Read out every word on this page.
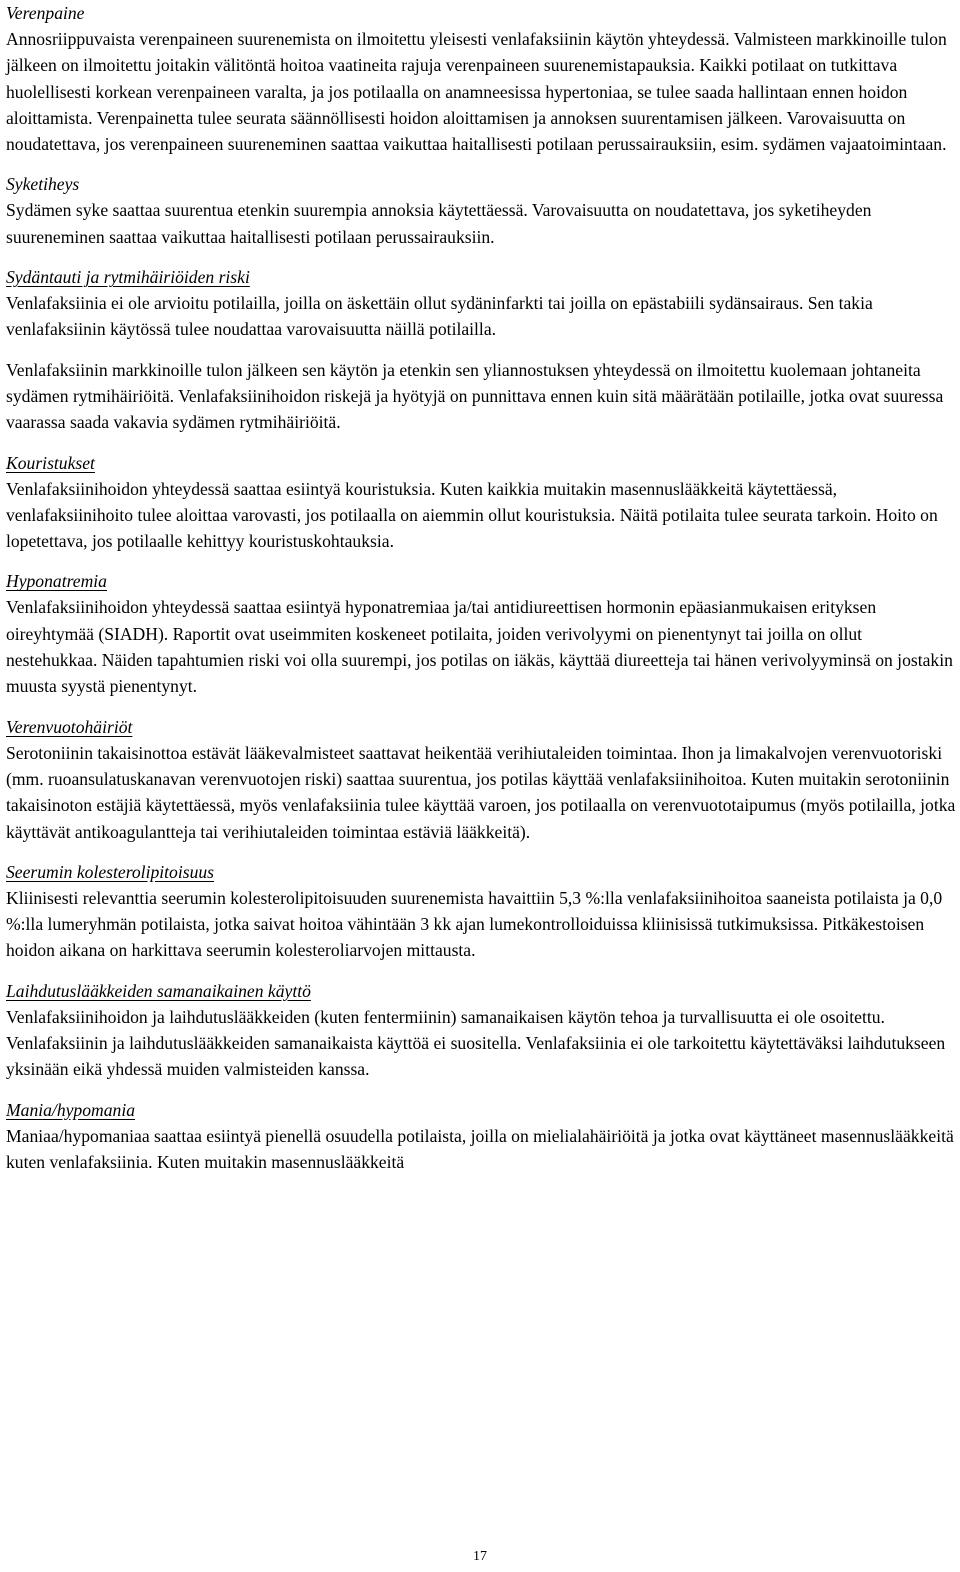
Verenpaine

Annosriippuvaista verenpaineen suurenemista on ilmoitettu yleisesti venlafaksiinin käytön yhteydessä. Valmisteen markkinoille tulon jälkeen on ilmoitettu joitakin välitöntä hoitoa vaatineita rajuja verenpaineen suurenemistapauksia. Kaikki potilaat on tutkittava huolellisesti korkean verenpaineen varalta, ja jos potilaalla on anamneesissa hypertoniaa, se tulee saada hallintaan ennen hoidon aloittamista. Verenpainetta tulee seurata säännöllisesti hoidon aloittamisen ja annoksen suurentamisen jälkeen. Varovaisuutta on noudatettava, jos verenpaineen suureneminen saattaa vaikuttaa haitallisesti potilaan perussairauksiin, esim. sydämen vajaatoimintaan.

Syketiheys

Sydämen syke saattaa suurentua etenkin suurempia annoksia käytettäessä. Varovaisuutta on noudatettava, jos syketiheyden suureneminen saattaa vaikuttaa haitallisesti potilaan perussairauksiin.

Sydäntauti ja rytmihäiriöiden riski

Venlafaksiinia ei ole arvioitu potilailla, joilla on äskettäin ollut sydäninfarkti tai joilla on epästabiili sydänsairaus. Sen takia venlafaksiinin käytössä tulee noudattaa varovaisuutta näillä potilailla.

Venlafaksiinin markkinoille tulon jälkeen sen käytön ja etenkin sen yliannostuksen yhteydessä on ilmoitettu kuolemaan johtaneita sydämen rytmihäiriöitä. Venlafaksiinihoidon riskejä ja hyötyjä on punnittava ennen kuin sitä määrätään potilaille, jotka ovat suuressa vaarassa saada vakavia sydämen rytmihäiriöitä.

Kouristukset

Venlafaksiinihoidon yhteydessä saattaa esiintyä kouristuksia. Kuten kaikkia muitakin masennuslääkkeitä käytettäessä, venlafaksiinihoito tulee aloittaa varovasti, jos potilaalla on aiemmin ollut kouristuksia. Näitä potilaita tulee seurata tarkoin. Hoito on lopetettava, jos potilaalle kehittyy kouristuskohtauksia.

Hyponatremia

Venlafaksiinihoidon yhteydessä saattaa esiintyä hyponatremiaa ja/tai antidiureettisen hormonin epäasianmukaisen erityksen oireyhtymää (SIADH). Raportit ovat useimmiten koskeneet potilaita, joiden verivolyymi on pienentynyt tai joilla on ollut nestehukkaa. Näiden tapahtumien riski voi olla suurempi, jos potilas on iäkäs, käyttää diureetteja tai hänen verivolyyminsä on jostakin muusta syystä pienentynyt.

Verenvuotohäiriöt

Serotoniinin takaisinottoa estävät lääkevalmisteet saattavat heikentää verihiutaleiden toimintaa. Ihon ja limakalvojen verenvuotoriski (mm. ruoansulatuskanavan verenvuotojen riski) saattaa suurentua, jos potilas käyttää venlafaksiinihoitoa. Kuten muitakin serotoniinin takaisinoton estäjiä käytettäessä, myös venlafaksiinia tulee käyttää varoen, jos potilaalla on verenvuototaipumus (myös potilailla, jotka käyttävät antikoagulantteja tai verihiutaleiden toimintaa estäviä lääkkeitä).

Seerumin kolesterolipitoisuus

Kliinisesti relevanttia seerumin kolesterolipitoisuuden suurenemista havaittiin 5,3 %:lla venlafaksiinihoitoa saaneista potilaista ja 0,0 %:lla lumeryhmän potilaista, jotka saivat hoitoa vähintään 3 kk ajan lumekontrolloiduissa kliinisissä tutkimuksissa. Pitkäkestoisen hoidon aikana on harkittava seerumin kolesteroliarvojen mittausta.

Laihdutuslääkkeiden samanaikainen käyttö

Venlafaksiinihoidon ja laihdutuslääkkeiden (kuten fentermiinin) samanaikaisen käytön tehoa ja turvallisuutta ei ole osoitettu. Venlafaksiinin ja laihdutuslääkkeiden samanaikaista käyttöä ei suositella. Venlafaksiinia ei ole tarkoitettu käytettäväksi laihdutukseen yksinään eikä yhdessä muiden valmisteiden kanssa.

Mania/hypomania

Maniaa/hypomaniaa saattaa esiintyä pienellä osuudella potilaista, joilla on mielialahäiriöitä ja jotka ovat käyttäneet masennuslääkkeitä kuten venlafaksiinia. Kuten muitakin masennuslääkkeitä

17
